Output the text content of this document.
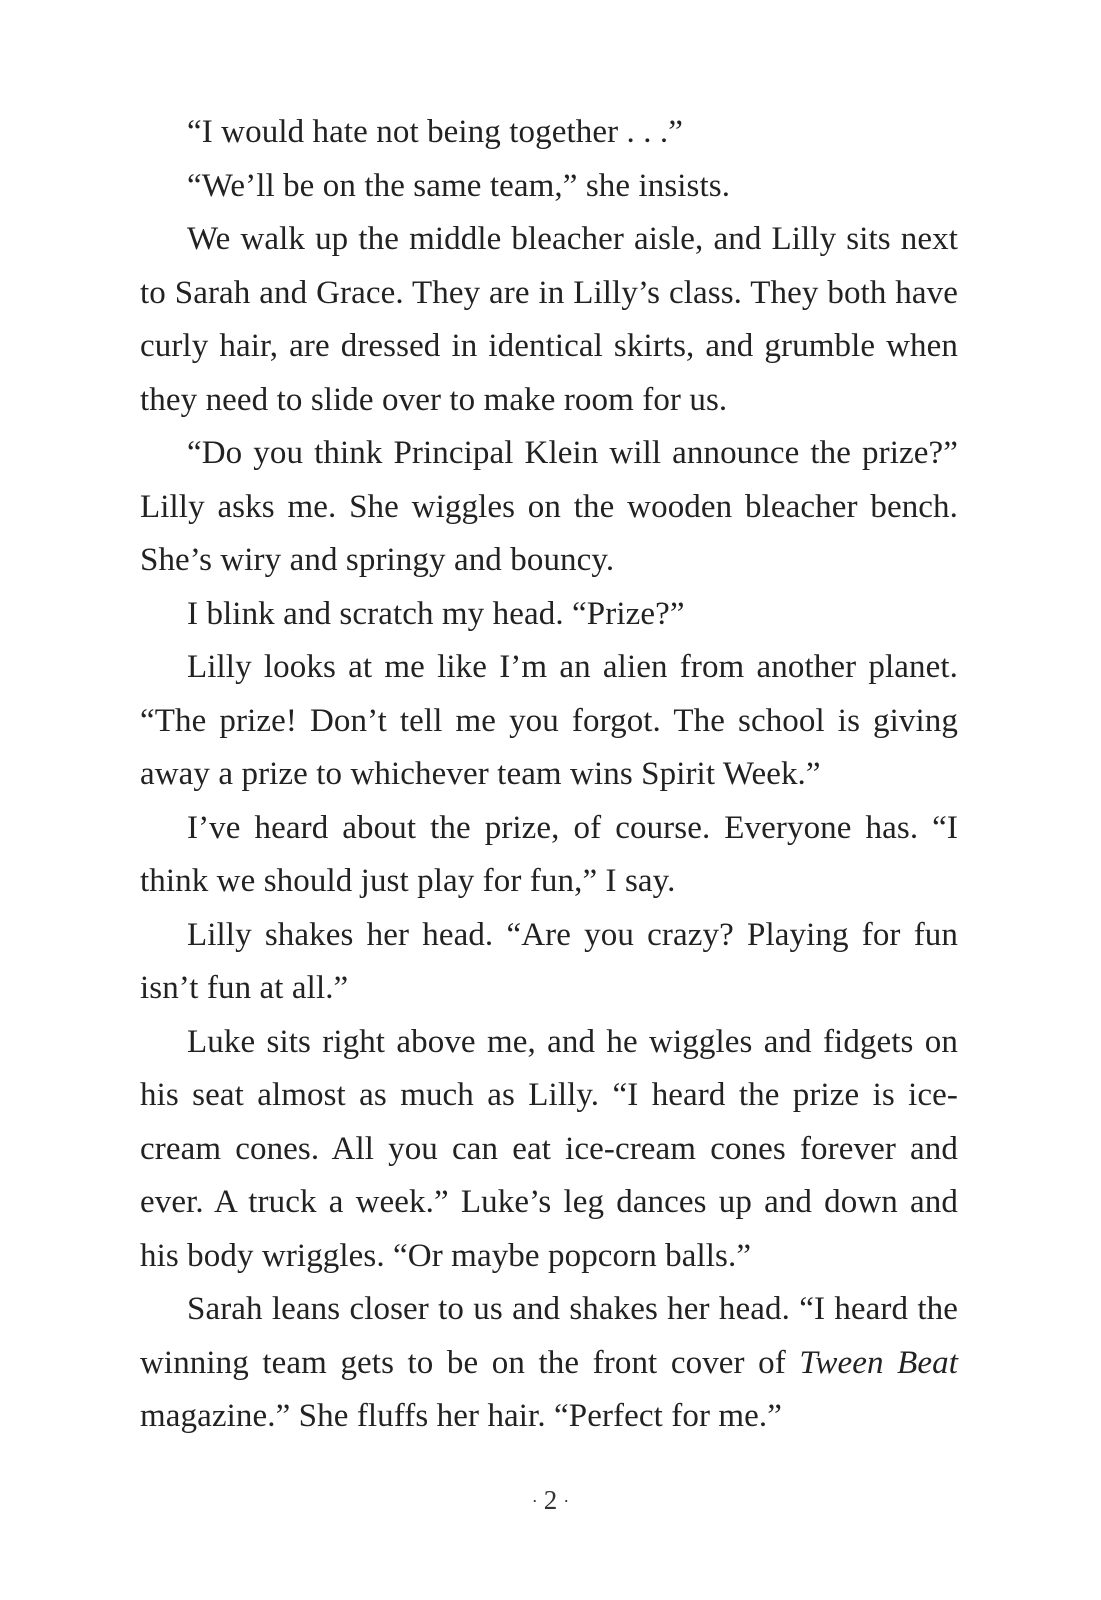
“I would hate not being together . . .”

“We’ll be on the same team,” she insists.

We walk up the middle bleacher aisle, and Lilly sits next to Sarah and Grace. They are in Lilly’s class. They both have curly hair, are dressed in identical skirts, and grumble when they need to slide over to make room for us.

“Do you think Principal Klein will announce the prize?” Lilly asks me. She wiggles on the wooden bleacher bench. She’s wiry and springy and bouncy.

I blink and scratch my head. “Prize?”

Lilly looks at me like I’m an alien from another planet. “The prize! Don’t tell me you forgot. The school is giving away a prize to whichever team wins Spirit Week.”

I’ve heard about the prize, of course. Everyone has. “I think we should just play for fun,” I say.

Lilly shakes her head. “Are you crazy? Playing for fun isn’t fun at all.”

Luke sits right above me, and he wiggles and fidgets on his seat almost as much as Lilly. “I heard the prize is ice-cream cones. All you can eat ice-cream cones forever and ever. A truck a week.” Luke’s leg dances up and down and his body wriggles. “Or maybe popcorn balls.”

Sarah leans closer to us and shakes her head. “I heard the winning team gets to be on the front cover of Tween Beat magazine.” She fluffs her hair. “Perfect for me.”

· 2 ·
